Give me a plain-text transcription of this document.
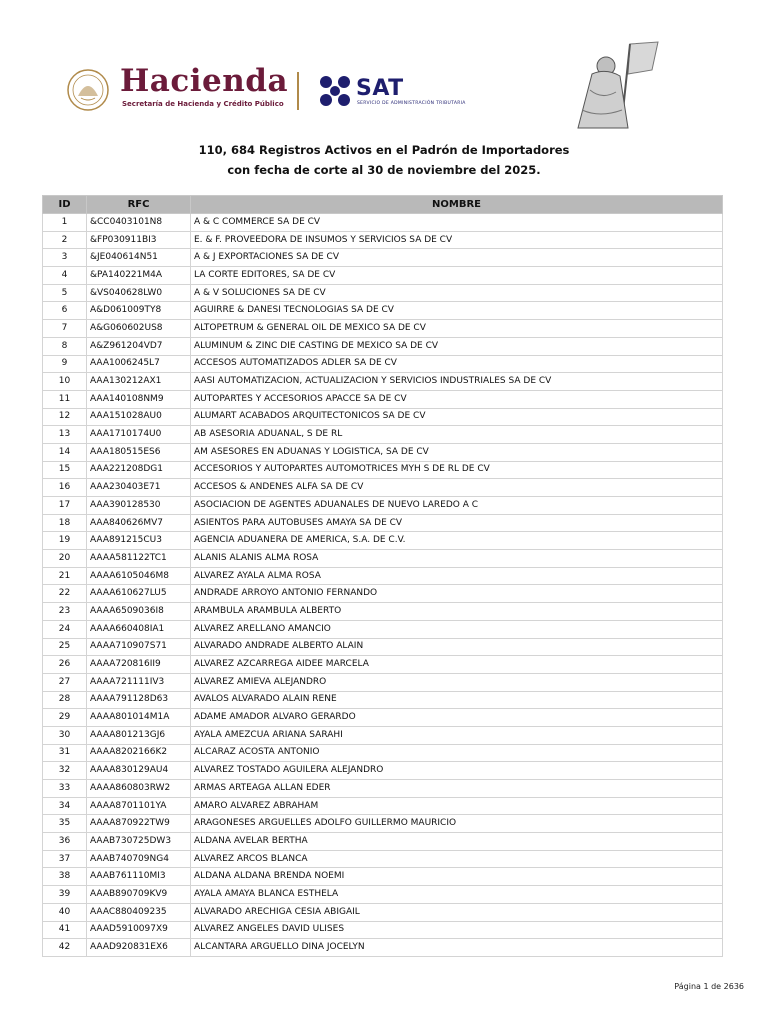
Hacienda
Secretaría de Hacienda y Crédito Público
SAT
SERVICIO DE ADMINISTRACIÓN TRIBUTARIA
110, 684 Registros Activos en el Padrón de Importadores
con fecha de corte al 30 de noviembre del 2025.
ID	RFC	NOMBRE
1	&CC0403101N8	A & C COMMERCE SA DE CV
2	&FP030911BI3	E. & F. PROVEEDORA DE INSUMOS Y SERVICIOS SA DE CV
3	&JE040614N51	A & J EXPORTACIONES SA DE CV
4	&PA140221M4A	LA CORTE EDITORES, SA DE CV
5	&VS040628LW0	A & V SOLUCIONES SA DE CV
6	A&D061009TY8	AGUIRRE & DANESI TECNOLOGIAS SA DE CV
7	A&G060602US8	ALTOPETRUM & GENERAL OIL DE MEXICO SA DE CV
8	A&Z961204VD7	ALUMINUM & ZINC DIE CASTING DE MEXICO SA DE CV
9	AAA1006245L7	ACCESOS AUTOMATIZADOS ADLER SA DE CV
10	AAA130212AX1	AASI AUTOMATIZACION, ACTUALIZACION Y SERVICIOS INDUSTRIALES SA DE CV
11	AAA140108NM9	AUTOPARTES Y ACCESORIOS APACCE SA DE CV
12	AAA151028AU0	ALUMART ACABADOS ARQUITECTONICOS SA DE CV
13	AAA1710174U0	AB ASESORIA ADUANAL, S DE RL
14	AAA180515ES6	AM ASESORES EN ADUANAS Y LOGISTICA, SA DE CV
15	AAA221208DG1	ACCESORIOS Y AUTOPARTES AUTOMOTRICES MYH S DE RL DE CV
16	AAA230403E71	ACCESOS & ANDENES ALFA SA DE CV
17	AAA390128530	ASOCIACION DE AGENTES ADUANALES DE NUEVO LAREDO A C
18	AAA840626MV7	ASIENTOS PARA AUTOBUSES AMAYA SA DE CV
19	AAA891215CU3	AGENCIA ADUANERA DE AMERICA, S.A. DE C.V.
20	AAAA581122TC1	ALANIS ALANIS ALMA ROSA
21	AAAA6105046M8	ALVAREZ AYALA ALMA ROSA
22	AAAA610627LU5	ANDRADE ARROYO ANTONIO FERNANDO
23	AAAA6509036I8	ARAMBULA ARAMBULA ALBERTO
24	AAAA660408IA1	ALVAREZ ARELLANO AMANCIO
25	AAAA710907S71	ALVARADO ANDRADE ALBERTO ALAIN
26	AAAA720816II9	ALVAREZ AZCARREGA AIDEE MARCELA
27	AAAA721111IV3	ALVAREZ AMIEVA ALEJANDRO
28	AAAA791128D63	AVALOS ALVARADO ALAIN RENE
29	AAAA801014M1A	ADAME AMADOR ALVARO GERARDO
30	AAAA801213GJ6	AYALA AMEZCUA ARIANA SARAHI
31	AAAA8202166K2	ALCARAZ ACOSTA ANTONIO
32	AAAA830129AU4	ALVAREZ TOSTADO AGUILERA ALEJANDRO
33	AAAA860803RW2	ARMAS ARTEAGA ALLAN EDER
34	AAAA8701101YA	AMARO ALVAREZ ABRAHAM
35	AAAA870922TW9	ARAGONESES ARGUELLES ADOLFO GUILLERMO MAURICIO
36	AAAB730725DW3	ALDANA AVELAR BERTHA
37	AAAB740709NG4	ALVAREZ ARCOS BLANCA
38	AAAB761110MI3	ALDANA ALDANA BRENDA NOEMI
39	AAAB890709KV9	AYALA AMAYA BLANCA ESTHELA
40	AAAC880409235	ALVARADO ARECHIGA CESIA ABIGAIL
41	AAAD5910097X9	ALVAREZ ANGELES DAVID ULISES
42	AAAD920831EX6	ALCANTARA ARGUELLO DINA JOCELYN
Página 1 de 2636
